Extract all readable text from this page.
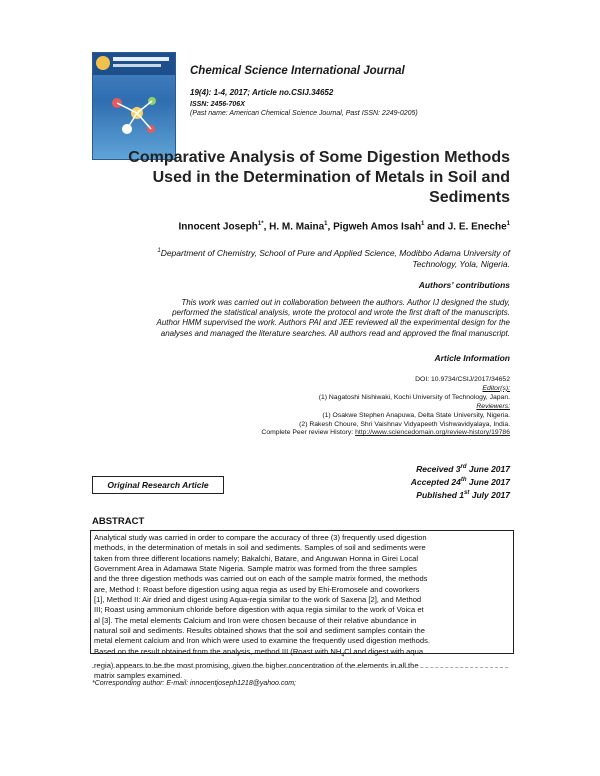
Chemical Science International Journal
19(4): 1-4, 2017; Article no.CSIJ.34652
ISSN: 2456-706X
(Past name: American Chemical Science Journal, Past ISSN: 2249-0205)
Comparative Analysis of Some Digestion Methods
Used in the Determination of Metals in Soil and
Sediments
Innocent Joseph$^{1*}$, H. M. Maina$^1$, Pigweh Amos Isah$^1$ and J. E. Eneche$^1$
$^1$Department of Chemistry, School of Pure and Applied Science, Modibbo Adama University of
Technology, Yola, Nigeria.
Authors’ contributions
This work was carried out in collaboration between the authors. Author IJ designed the study,
performed the statistical analysis, wrote the protocol and wrote the first draft of the manuscripts.
Author HMM supervised the work. Authors PAI and JEE reviewed all the experimental design for the
analyses and managed the literature searches. All authors read and approved the final manuscript.
Article Information
DOI: 10.9734/CSIJ/2017/34652
Editor(s):
(1) Nagatoshi Nishiwaki, Kochi University of Technology, Japan.
Reviewers:
(1) Osakwe Stephen Anapuwa, Delta State University, Nigeria.
(2) Rakesh Choure, Shri Vaishnav Vidyapeeth Vishwavidyalaya, India.
Complete Peer review History: http://www.sciencedomain.org/review-history/19786
Received 3rd June 2017
Accepted 24th June 2017
Published 1st July 2017
Original Research Article
ABSTRACT
Analytical study was carried in order to compare the accuracy of three (3) frequently used digestion
methods, in the determination of metals in soil and sediments. Samples of soil and sediments were
taken from three different locations namely; Bakalchi, Batare, and Anguwan Honna in Girei Local
Government Area in Adamawa State Nigeria. Sample matrix was formed from the three samples
and the three digestion methods was carried out on each of the sample matrix formed, the methods
are, Method I: Roast before digestion using aqua regia as used by Ehi-Eromosele and coworkers
[1], Method II: Air dried and digest using Aqua-regia similar to the work of Saxena [2], and Method
III; Roast using ammonium chloride before digestion with aqua regia similar to the work of Voica et
al [3]. The metal elements Calcium and Iron were chosen because of their relative abundance in
natural soil and sediments. Results obtained shows that the soil and sediment samples contain the
metal element calcium and Iron which were used to examine the frequently used digestion methods.
Based on the result obtained from the analysis, method III (Roast with $NH_4Cl$ and digest with aqua
regia) appears to be the most promising, given the higher concentration of the elements in all the
matrix samples examined.
*Corresponding author: E-mail: innocentjoseph1218@yahoo.com;
